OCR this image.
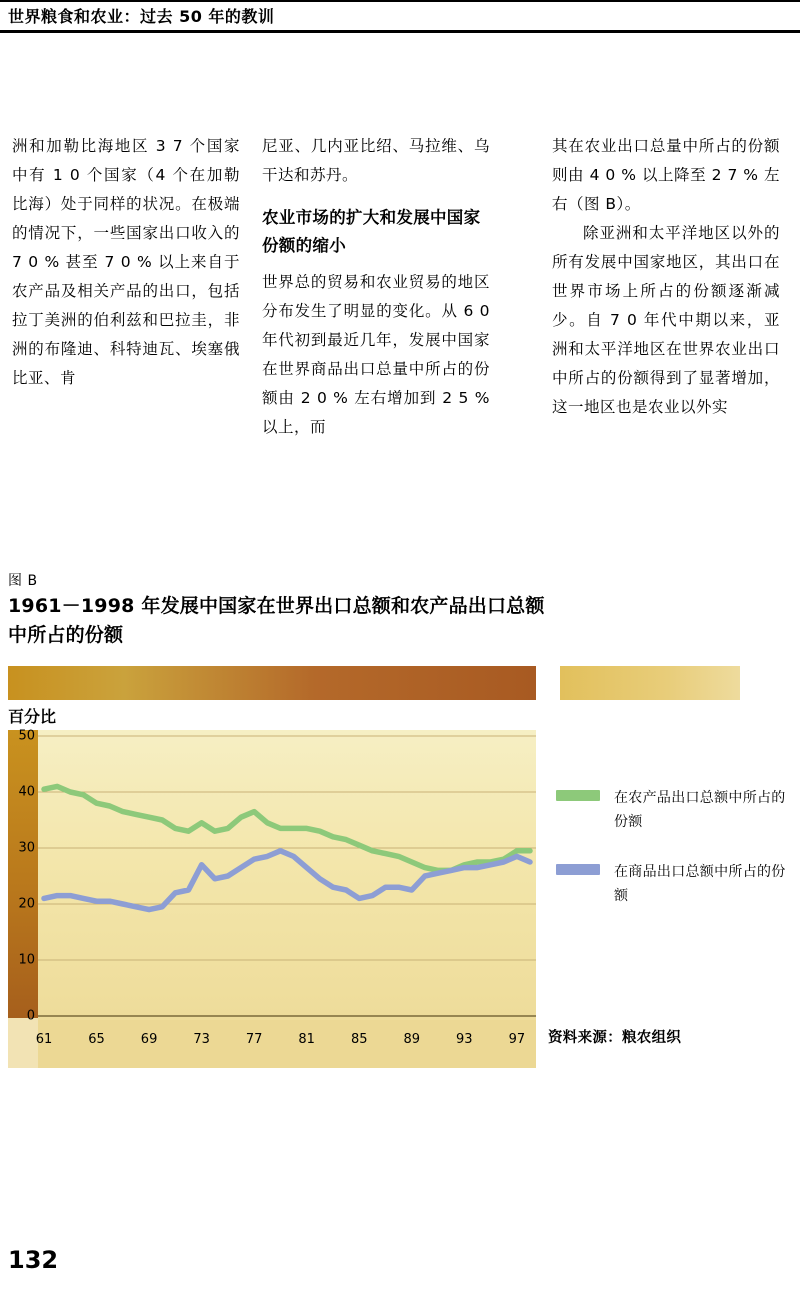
世界粮食和农业：过去 50 年的教训

洲和加勒比海地区 3 7 个国家中有 1 0 个国家（4 个在加勒比海）处于同样的状况。在极端的情况下，一些国家出口收入的 7 0 % 甚至 7 0 % 以上来自于农产品及相关产品的出口，包括拉丁美洲的伯利兹和巴拉圭，非洲的布隆迪、科特迪瓦、埃塞俄比亚、肯

尼亚、几内亚比绍、马拉维、乌干达和苏丹。

农业市场的扩大和发展中国家份额的缩小

世界总的贸易和农业贸易的地区分布发生了明显的变化。从 6 0 年代初到最近几年，发展中国家在世界商品出口总量中所占的份额由 2 0 % 左右增加到 2 5 % 以上，而

其在农业出口总量中所占的份额则由 4 0 % 以上降至 2 7 % 左右（图 B）。

除亚洲和太平洋地区以外的所有发展中国家地区，其出口在世界市场上所占的份额逐渐减少。自 7 0 年代中期以来，亚洲和太平洋地区在世界农业出口中所占的份额得到了显著增加，这一地区也是农业以外实

图 B
1961－1998 年发展中国家在世界出口总额和农产品出口总额中所占的份额
百分比
0
10
20
30
40
50
61	65	69	73	77	81	85	89	93	97
在农产品出口总额中所占的份额
在商品出口总额中所占的份额
资料来源：粮农组织
132
